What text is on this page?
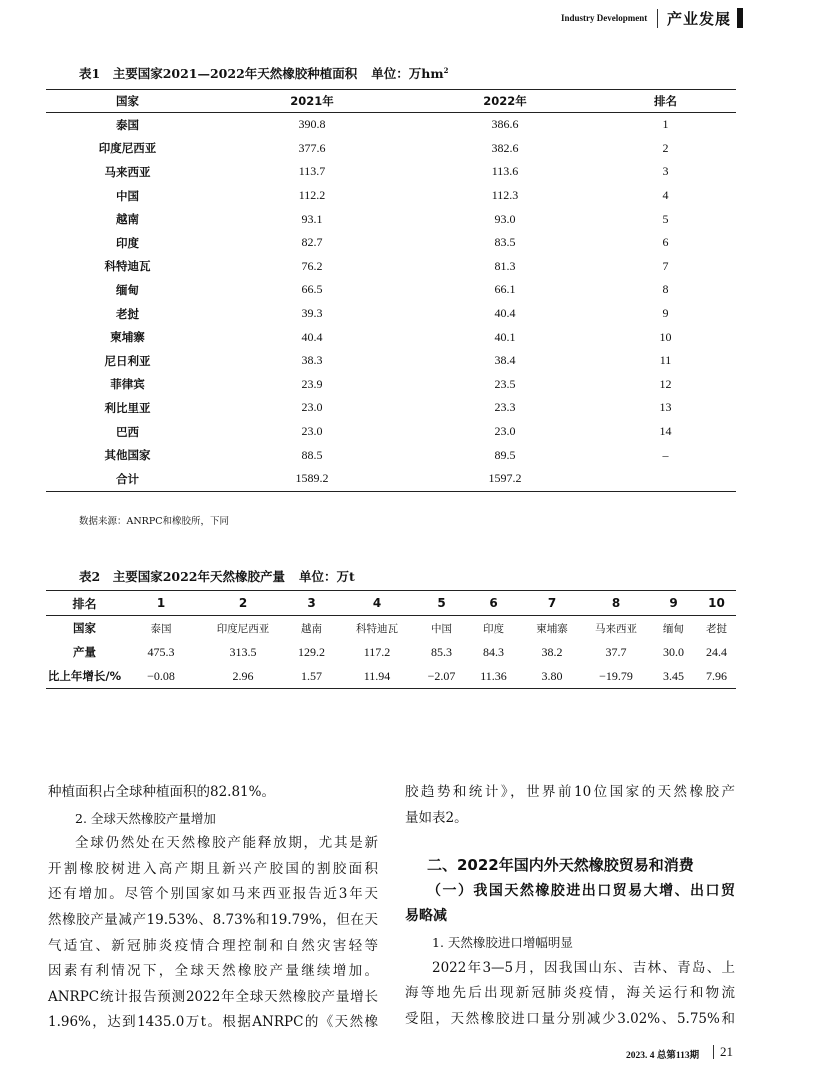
Industry Development 产业发展
表1　主要国家2021—2022年天然橡胶种植面积 单位：万$hm^2$
国家	2021年	2022年	排名
泰国	390.8	386.6	1
印度尼西亚	377.6	382.6	2
马来西亚	113.7	113.6	3
中国	112.2	112.3	4
越南	93.1	93.0	5
印度	82.7	83.5	6
科特迪瓦	76.2	81.3	7
缅甸	66.5	66.1	8
老挝	39.3	40.4	9
柬埔寨	40.4	40.1	10
尼日利亚	38.3	38.4	11
菲律宾	23.9	23.5	12
利比里亚	23.0	23.3	13
巴西	23.0	23.0	14
其他国家	88.5	89.5	–
合计	1589.2	1597.2	
数据来源：ANRPC和橡胶所，下同
表2　主要国家2022年天然橡胶产量 单位：万t
排名	1	2	3	4	5	6	7	8	9	10
国家	泰国	印度尼西亚	越南	科特迪瓦	中国	印度	柬埔寨	马来西亚	缅甸	老挝
产量	475.3	313.5	129.2	117.2	85.3	84.3	38.2	37.7	30.0	24.4
比上年增长/%	−0.08	2.96	1.57	11.94	−2.07	11.36	3.80	−19.79	3.45	7.96

种植面积占全球种植面积的82.81%。

2. 全球天然橡胶产量增加

全球仍然处在天然橡胶产能释放期，尤其是新

开割橡胶树进入高产期且新兴产胶国的割胶面积

还有增加。尽管个别国家如马来西亚报告近3年天

然橡胶产量减产19.53%、8.73%和19.79%，但在天

气适宜、新冠肺炎疫情合理控制和自然灾害轻等

因素有利情况下，全球天然橡胶产量继续增加。

ANRPC统计报告预测2022年全球天然橡胶产量增长

1.96%，达到1435.0万t。根据ANRPC的《天然橡

胶趋势和统计》，世界前10位国家的天然橡胶产

量如表2。

二、2022年国内外天然橡胶贸易和消费

（一）我国天然橡胶进出口贸易大增、出口贸

易略减

1. 天然橡胶进口增幅明显

2022年3—5月，因我国山东、吉林、青岛、上

海等地先后出现新冠肺炎疫情，海关运行和物流

受阻，天然橡胶进口量分别减少3.02%、5.75%和

2023. 4 总第113期 21
